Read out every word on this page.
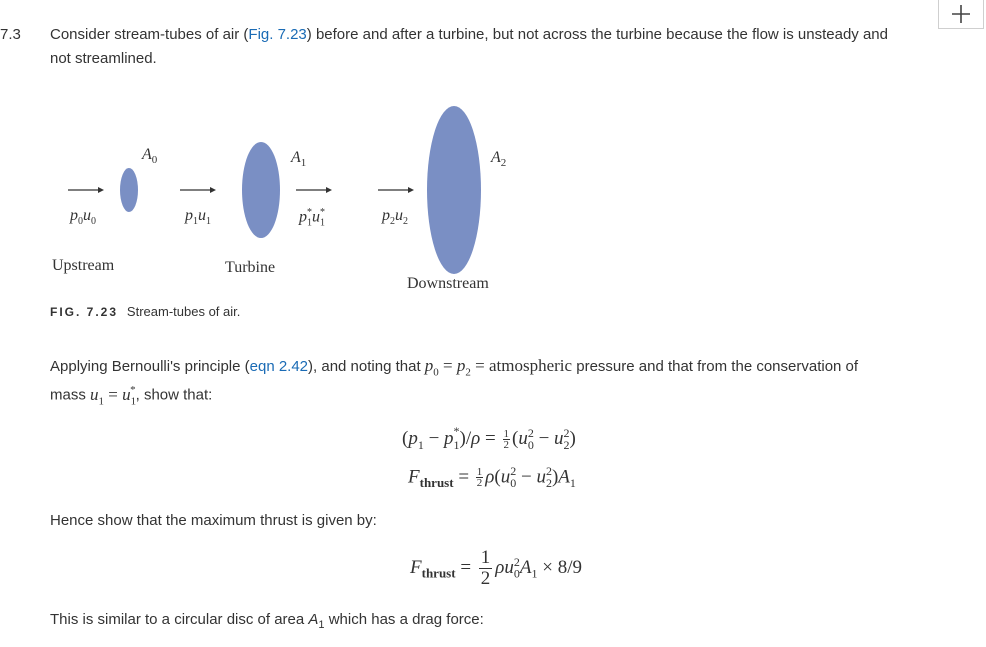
7.3 Consider stream-tubes of air (Fig. 7.23) before and after a turbine, but not across the turbine because the flow is unsteady and
not streamlined.
$A_0$	$A_1$	$A_2$
$p_0u_0$	$p_1u_1$	$p_1^*u_1^*$	$p_2u_2$
Upstream	Turbine
Downstream
FIG. 7.23 Stream-tubes of air.
Applying Bernoulli's principle (eqn 2.42), and noting that $p_0 = p_2$ = atmospheric pressure and that from the conservation of
mass $u_1 = u_1^*$, show that:
$(p_1 - p_1^*)/\rho = \frac{1}{2} (u_0^2 - u_2^2)$
$F_{thrust} = \frac{1}{2} \rho(u_0^2 - u_2^2)A_1$
Hence show that the maximum thrust is given by:
$F_{thrust} = \frac{1}{2} \rho u_0^2A_1 \times 8/9$
This is similar to a circular disc of area $A_1$ which has a drag force:
